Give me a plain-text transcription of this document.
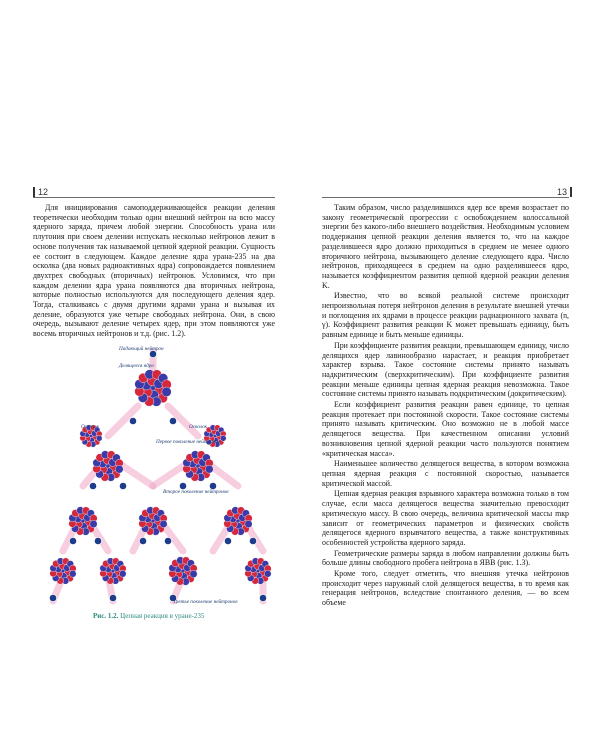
12	13

Для инициирования самоподдерживающейся реакции деления теоретически необходим только один внешний нейтрон на всю массу ядерного заряда, причем любой энергии. Способность урана или плутония при своем делении испускать несколько нейтронов лежит в основе получения так называемой цепной ядерной реакции. Сущность ее состоит в следующем. Каждое деление ядра урана-235 на два осколка (два новых радиоактивных ядра) сопровождается появлением двухтрех свободных (вторичных) нейтронов. Условимся, что при каждом делении ядра урана появляются два вторичных нейтрона, которые полностью используются для последующего деления ядер. Тогда, сталкиваясь с двумя другими ядрами урана и вызывая их деление, образуются уже четыре свободных нейтрона. Они, в свою очередь, вызывают деление четырех ядер, при этом появляются уже восемь вторичных нейтронов и т.д. (рис. 1.2).

Падающий нейтрон
Делящееся ядро
Осколок	Осколок
Первое поколение нейтронов
Второе поколение нейтронов
Третье поколение нейтронов
Рис. 1.2. Цепная реакция в уране-235

Таким образом, число разделившихся ядер все время возрастает по закону геометрической прогрессии с освобождением колоссальной энергии без какого-либо внешнего воздействия. Необходимым условием поддержания цепной реакции деления является то, что на каждое разделившееся ядро должно приходиться в среднем не менее одного вторичного нейтрона, вызывающего деление следующего ядра. Число нейтронов, приходящееся в среднем на одно разделившееся ядро, называется коэффициентом развития цепной ядерной реакции деления K.

Известно, что во всякой реальной системе происходит непроизвольная потеря нейтронов деления в результате внешней утечки и поглощения их ядрами в процессе реакции радиационного захвата (n, γ). Коэффициент развития реакции K может превышать единицу, быть равным единице и быть меньше единицы.

При коэффициенте развития реакции, превышающем единицу, число делящихся ядер лавинообразно нарастает, и реакция приобретает характер взрыва. Такое состояние системы принято называть надкритическим (сверхкритическим). При коэффициенте развития реакции меньше единицы цепная ядерная реакция невозможна. Такое состояние системы принято называть подкритическим (докритическим).

Если коэффициент развития реакции равен единице, то цепная реакция протекает при постоянной скорости. Такое состояние системы принято называть критическим. Оно возможно не в любой массе делящегося вещества. При качественном описании условий возникновения цепной ядерной реакции часто пользуются понятием «критическая масса».

Наименьшее количество делящегося вещества, в котором возможна цепная ядерная реакция с постоянной скоростью, называется критической массой.

Цепная ядерная реакция взрывного характера возможна только в том случае, если масса делящегося вещества значительно превосходит критическую массу. В свою очередь, величина критической массы mкр зависит от геометрических параметров и физических свойств делящегося ядерного взрывчатого вещества, а также конструктивных особенностей устройства ядерного заряда.

Геометрические размеры заряда в любом направлении должны быть больше длины свободного пробега нейтрона в ЯВВ (рис. 1.3).

Кроме того, следует отметить, что внешняя утечка нейтронов происходит через наружный слой делящегося вещества, в то время как генерация нейтронов, вследствие спонтанного деления, — во всем объеме
